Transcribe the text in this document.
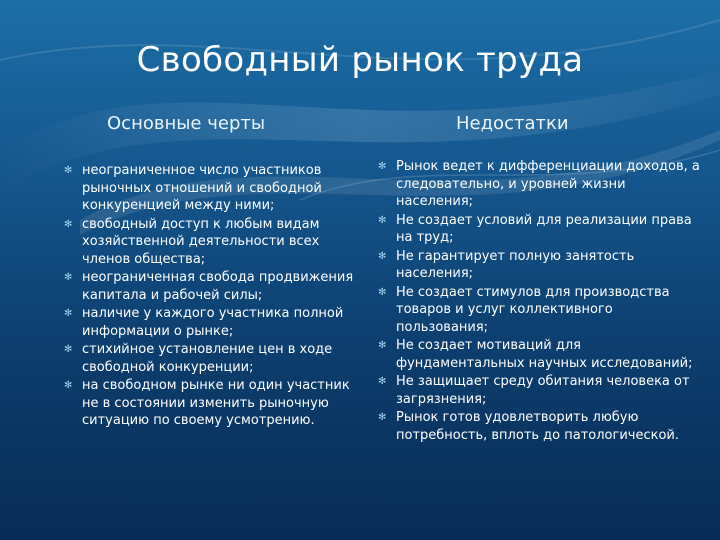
Свободный рынок труда
Основные черты	Недостатки
✻ неограниченное число участников рыночных отношений и свободной конкуренцией между ними;
✻ свободный доступ к любым видам хозяйственной деятельности всех членов общества;
✻ неограниченная свобода продвижения капитала и рабочей силы;
✻ наличие у каждого участника полной информации о рынке;
✻ стихийное установление цен в ходе свободной конкуренции;
✻ на свободном рынке ни один участник не в состоянии изменить рыночную ситуацию по своему усмотрению.
✻ Рынок ведет к дифференциации доходов, а следовательно, и уровней жизни населения;
✻ Не создает условий для реализации права на труд;
✻ Не гарантирует полную занятость населения;
✻ Не создает стимулов для производства товаров и услуг коллективного пользования;
✻ Не создает мотиваций для фундаментальных научных исследований;
✻ Не защищает среду обитания человека от загрязнения;
✻ Рынок готов удовлетворить любую потребность, вплоть до патологической.
